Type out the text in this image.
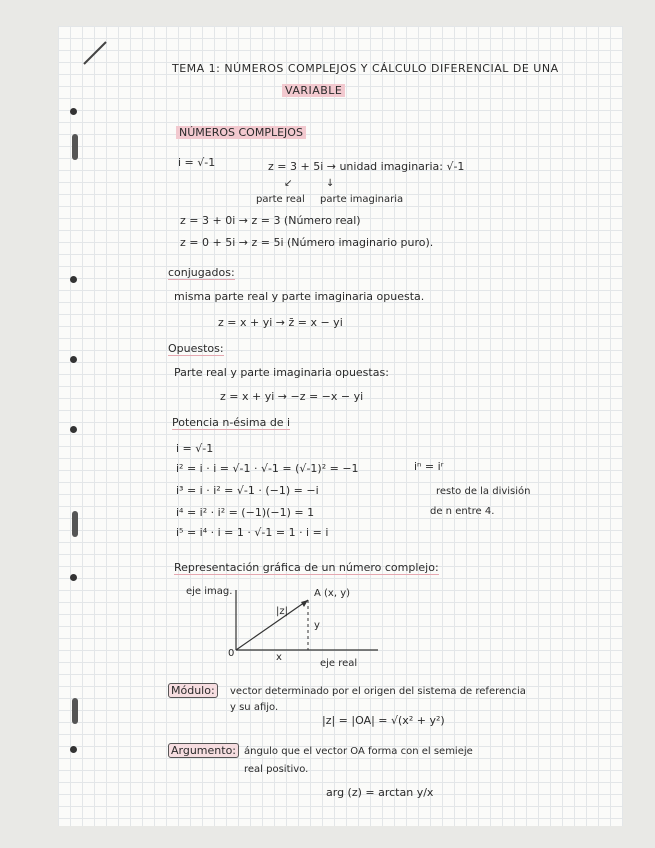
TEMA 1: NÚMEROS COMPLEJOS Y CÁLCULO DIFERENCIAL DE UNA
VARIABLE
NÚMEROS COMPLEJOS
i = √-1	z = 3 + 5i → unidad imaginaria: √-1
↙	↓
parte real parte imaginaria
z = 3 + 0i → z = 3 (Número real)
z = 0 + 5i → z = 5i (Número imaginario puro).
conjugados:
misma parte real y parte imaginaria opuesta.
z = x + yi → z̄ = x − yi
Opuestos:
Parte real y parte imaginaria opuestas:
z = x + yi → −z = −x − yi
Potencia n-ésima de i
i = √-1
i² = i · i = √-1 · √-1 = (√-1)² = −1
i³ = i · i² = √-1 · (−1) = −i
i⁴ = i² · i² = (−1)(−1) = 1
i⁵ = i⁴ · i = 1 · √-1 = 1 · i = i
iⁿ = iʳ
resto de la división
de n entre 4.
Representación gráfica de un número complejo:
eje imag.
eje real
A (x, y)
|z|
0	x
y
Módulo:	vector determinado por el origen del sistema de referencia
y su afijo.
|z| = |OA| = √(x² + y²)
Argumento: ángulo que el vector OA forma con el semieje
real positivo.
arg (z) = arctan y/x
